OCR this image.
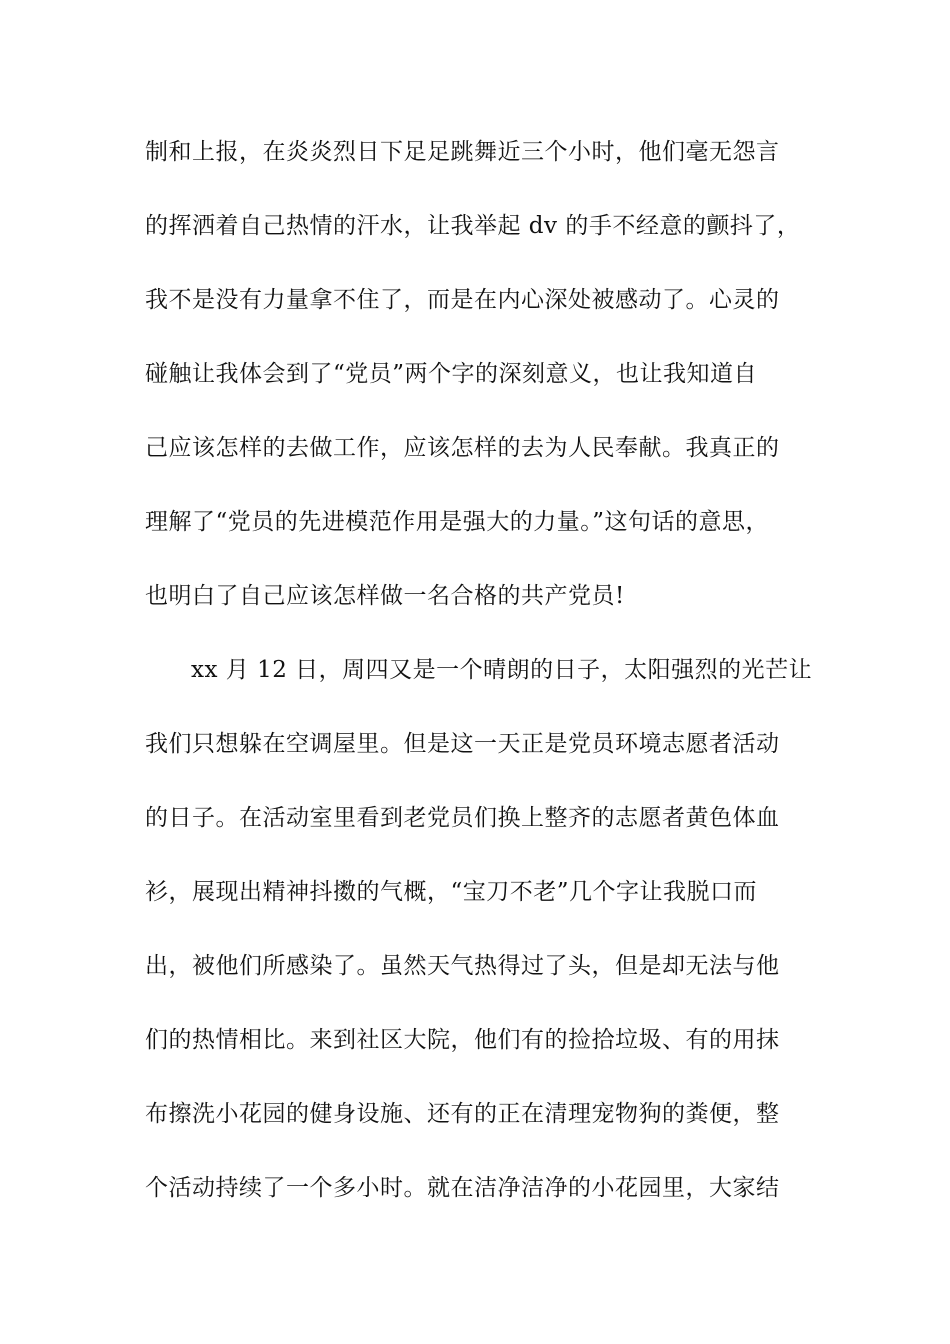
制和上报，在炎炎烈日下足足跳舞近三个小时，他们毫无怨言
的挥洒着自己热情的汗水，让我举起 dv 的手不经意的颤抖了，
我不是没有力量拿不住了，而是在内心深处被感动了。心灵的
碰触让我体会到了“党员”两个字的深刻意义，也让我知道自
己应该怎样的去做工作，应该怎样的去为人民奉献。我真正的
理解了“党员的先进模范作用是强大的力量。”这句话的意思，
也明白了自己应该怎样做一名合格的共产党员!
xx 月 12 日，周四又是一个晴朗的日子，太阳强烈的光芒让
我们只想躲在空调屋里。但是这一天正是党员环境志愿者活动
的日子。在活动室里看到老党员们换上整齐的志愿者黄色体血
衫，展现出精神抖擞的气概，“宝刀不老”几个字让我脱口而
出，被他们所感染了。虽然天气热得过了头，但是却无法与他
们的热情相比。来到社区大院，他们有的捡拾垃圾、有的用抹
布擦洗小花园的健身设施、还有的正在清理宠物狗的粪便，整
个活动持续了一个多小时。就在洁净洁净的小花园里，大家结
